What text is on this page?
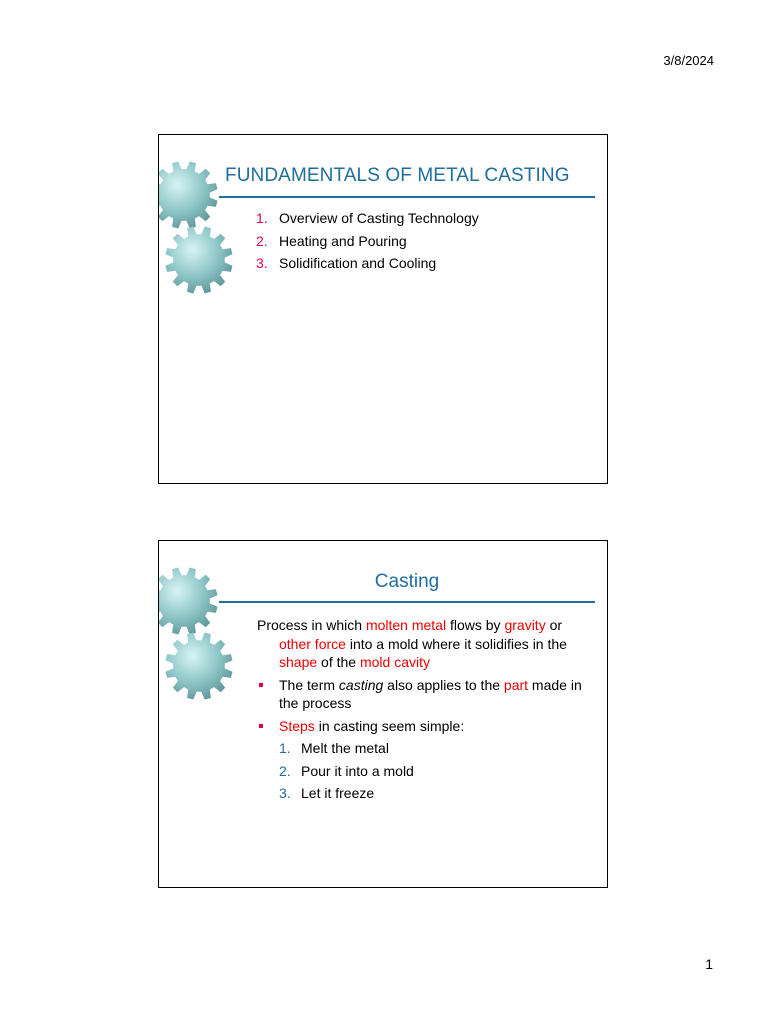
3/8/2024
FUNDAMENTALS OF METAL CASTING
1. Overview of Casting Technology
2. Heating and Pouring
3. Solidification and Cooling
Casting

Process in which molten metal flows by gravity or other force into a mold where it solidifies in the shape of the mold cavity

The term casting also applies to the part made in the process

Steps in casting seem simple:

1. Melt the metal
2. Pour it into a mold
3. Let it freeze
1
